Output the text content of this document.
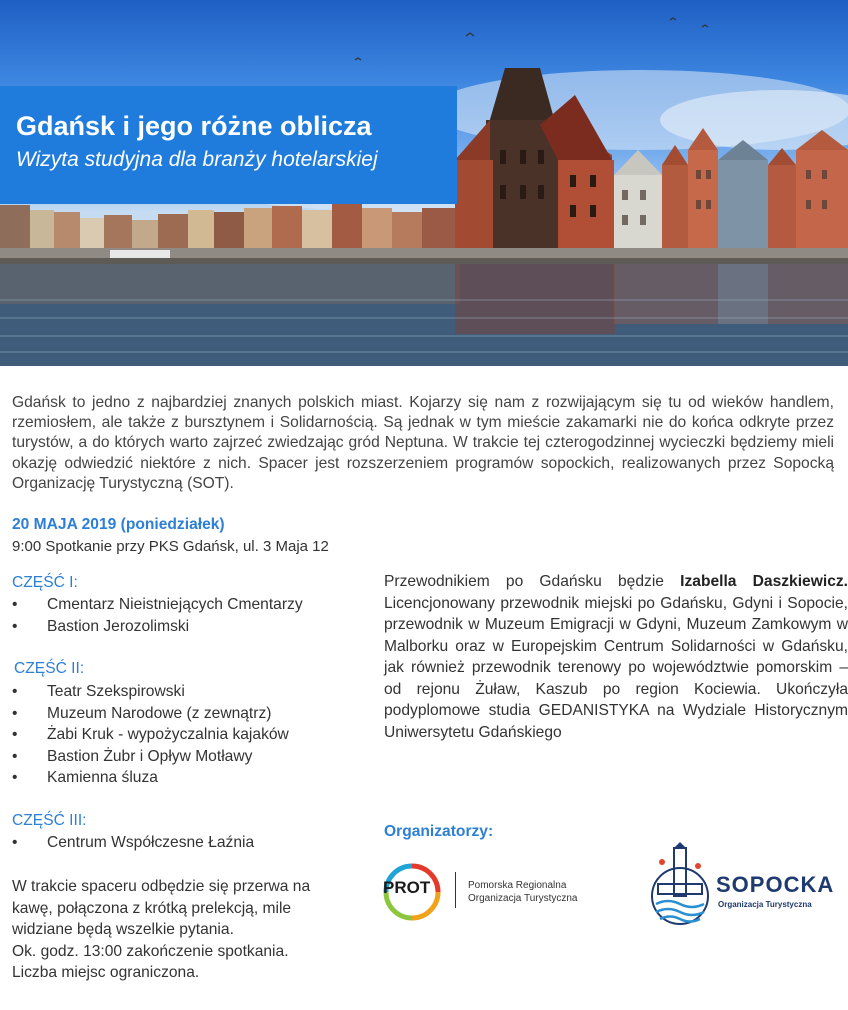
Gdańsk i jego różne oblicza
Wizyta studyjna dla branży hotelarskiej
Gdańsk to jedno z najbardziej znanych polskich miast. Kojarzy się nam z rozwijającym się tu od wieków handlem, rzemiosłem, ale także z bursztynem i Solidarnością. Są jednak w tym mieście zakamarki nie do końca odkryte przez turystów, a do których warto zajrzeć zwiedzając gród Neptuna. W trakcie tej czterogodzinnej wycieczki będziemy mieli okazję odwiedzić niektóre z nich. Spacer jest rozszerzeniem programów sopockich, realizowanych przez Sopocką Organizację Turystyczną (SOT).
20 MAJA 2019 (poniedziałek)
9:00 Spotkanie przy PKS Gdańsk, ul. 3 Maja 12
CZĘŚĆ I:
• Cmentarz Nieistniejących Cmentarzy
• Bastion Jerozolimski
CZĘŚĆ II:
• Teatr Szekspirowski
• Muzeum Narodowe (z zewnątrz)
• Żabi Kruk - wypożyczalnia kajaków
• Bastion Żubr i Opływ Motławy
• Kamienna śluza
CZĘŚĆ III:
• Centrum Współczesne Łaźnia

W trakcie spaceru odbędzie się przerwa na kawę, połączona z krótką prelekcją, mile widziane będą wszelkie pytania.

Ok. godz. 13:00 zakończenie spotkania.

Liczba miejsc ograniczona.

Przewodnikiem po Gdańsku będzie Izabella Daszkiewicz. Licencjonowany przewodnik miejski po Gdańsku, Gdyni i Sopocie, przewodnik w Muzeum Emigracji w Gdyni, Muzeum Zamkowym w Malborku oraz w Europejskim Centrum Solidarności w Gdańsku, jak również przewodnik terenowy po województwie pomorskim – od rejonu Żuław, Kaszub po region Kociewia. Ukończyła podyplomowe studia GEDANISTYKA na Wydziale Historycznym Uniwersytetu Gdańskiego
Organizatorzy:
PROT	Pomorska Regionalna
Organizacja Turystyczna
SOPOCKA
Organizacja Turystyczna
